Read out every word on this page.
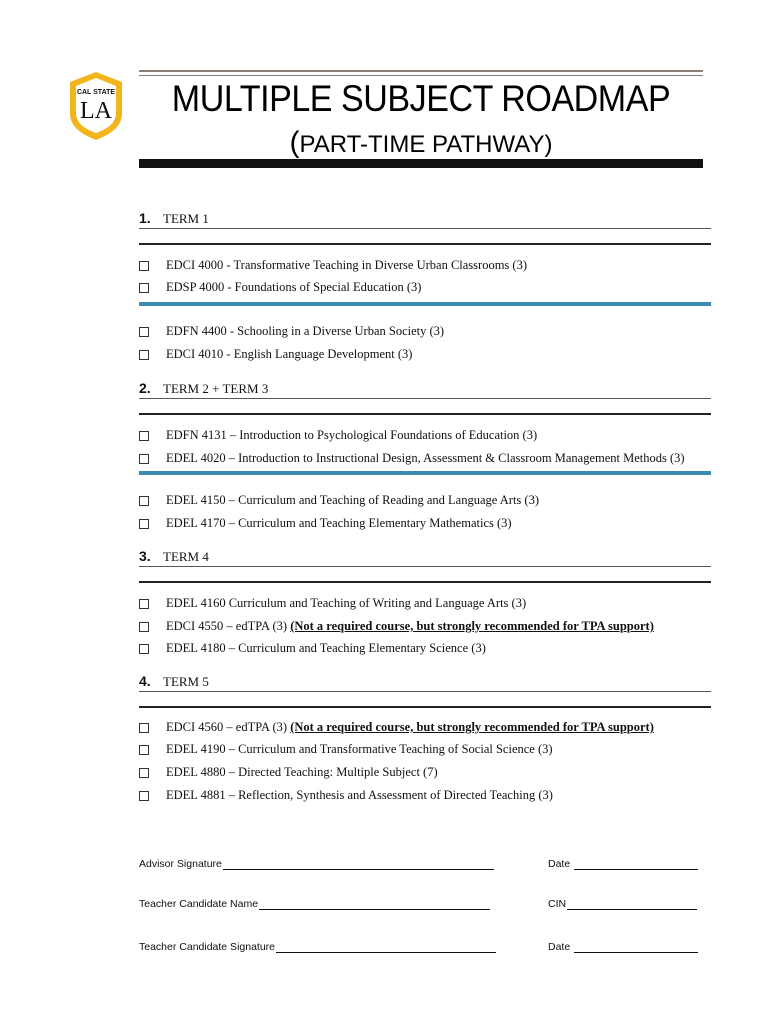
CAL STATE
LA MULTIPLE SUBJECT ROADMAP
(PART-TIME PATHWAY)
1. TERM 1
EDCI 4000 - Transformative Teaching in Diverse Urban Classrooms (3)
EDSP 4000 - Foundations of Special Education (3)
EDFN 4400 - Schooling in a Diverse Urban Society (3)
EDCI 4010 - English Language Development (3)
2. TERM 2 + TERM 3
EDFN 4131 – Introduction to Psychological Foundations of Education (3)
EDEL 4020 – Introduction to Instructional Design, Assessment & Classroom Management Methods (3)
EDEL 4150 – Curriculum and Teaching of Reading and Language Arts (3)
EDEL 4170 – Curriculum and Teaching Elementary Mathematics (3)
3. TERM 4
EDEL 4160 Curriculum and Teaching of Writing and Language Arts (3)
EDCI 4550 – edTPA (3) (Not a required course, but strongly recommended for TPA support)
EDEL 4180 – Curriculum and Teaching Elementary Science (3)
4. TERM 5
EDCI 4560 – edTPA (3) (Not a required course, but strongly recommended for TPA support)
EDEL 4190 – Curriculum and Transformative Teaching of Social Science (3)
EDEL 4880 – Directed Teaching: Multiple Subject (7)
EDEL 4881 – Reflection, Synthesis and Assessment of Directed Teaching (3)
Advisor Signature	Date
Teacher Candidate Name	CIN
Teacher Candidate Signature	Date
